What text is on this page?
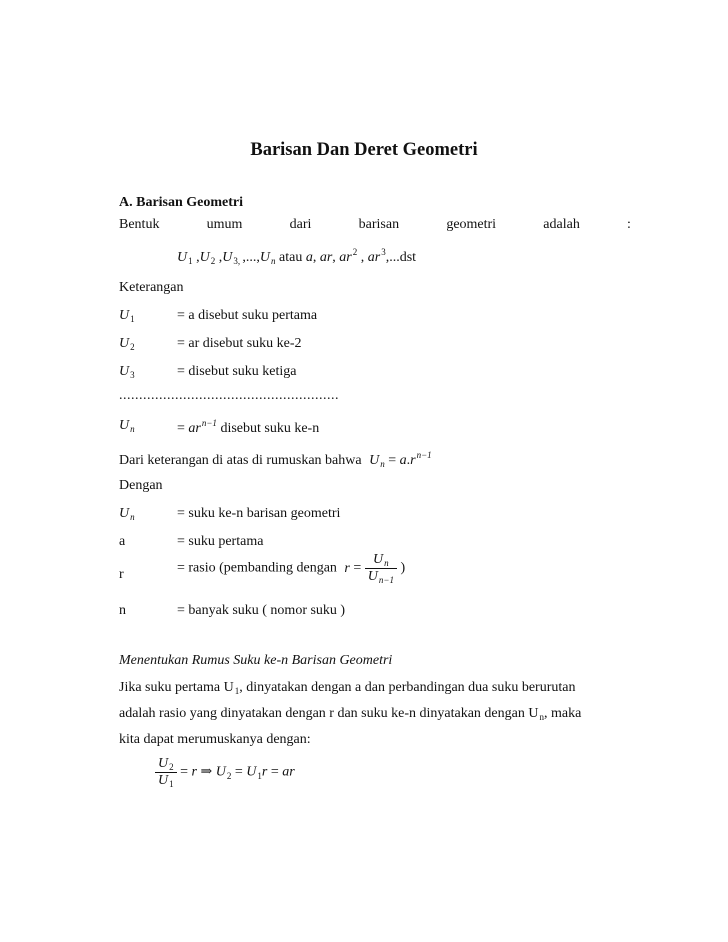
Barisan Dan Deret Geometri
A. Barisan Geometri
Bentuk	umum	dari	barisan	geometri	adalah	:
$U_1$ $,U_2$ $,U_{3,}$ $,...,U_n$ atau a, ar, $ar^2$ , $ar^3,...dst$
Keterangan
$U_1$	= a disebut suku pertama
$U_2$	= ar disebut suku ke-2
$U_3$	= disebut suku ketiga
.......................................................
$U_n$	= $ar^{n-1}$ disebut suku ke-n
Dari keterangan di atas di rumuskan bahwa $U_n = a.r^{n-1}$
Dengan
$U_n$	= suku ke-n barisan geometri
a	= suku pertama
r	= rasio (pembanding dengan $r = \frac{U_n}{U_{n-1}}$ )
n	= banyak suku ( nomor suku )
Menentukan Rumus Suku ke-n Barisan Geometri
Jika suku pertama $U_1$, dinyatakan dengan a dan perbandingan dua suku berurutan
adalah rasio yang dinyatakan dengan r dan suku ke-n dinyatakan dengan $U_n$, maka
kita dapat merumuskanya dengan:
$\frac{U_2}{U_1} = r$ ⇒ $U_2 = U_1r$ = ar
